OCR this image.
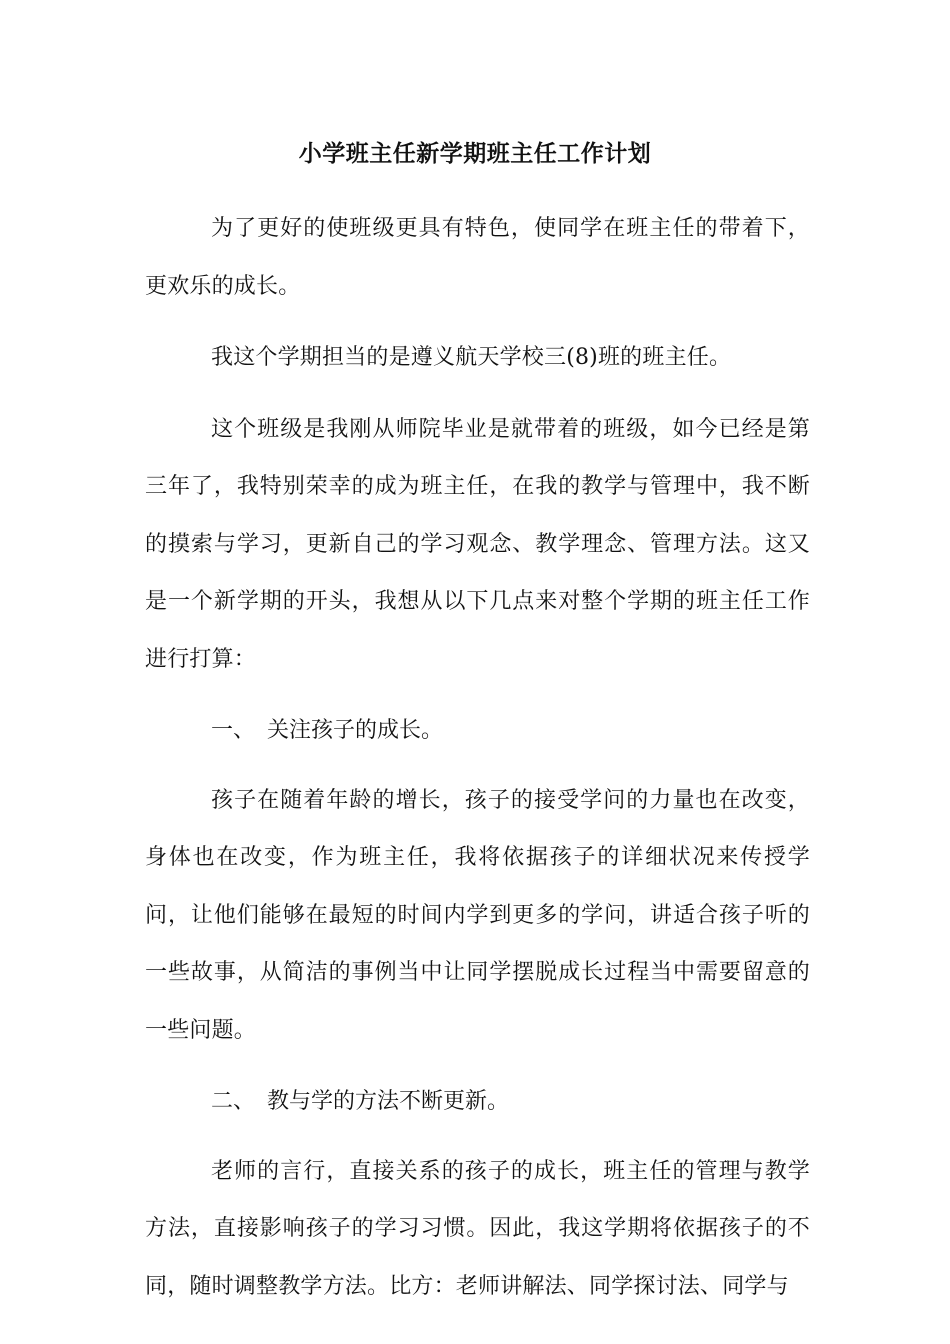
小学班主任新学期班主任工作计划

为了更好的使班级更具有特色，使同学在班主任的带着下，更欢乐的成长。

我这个学期担当的是遵义航天学校三(8)班的班主任。

这个班级是我刚从师院毕业是就带着的班级，如今已经是第三年了，我特别荣幸的成为班主任，在我的教学与管理中，我不断的摸索与学习，更新自己的学习观念、教学理念、管理方法。这又是一个新学期的开头，我想从以下几点来对整个学期的班主任工作进行打算：

一、 关注孩子的成长。

孩子在随着年龄的增长，孩子的接受学问的力量也在改变，身体也在改变，作为班主任，我将依据孩子的详细状况来传授学问，让他们能够在最短的时间内学到更多的学问，讲适合孩子听的一些故事，从简洁的事例当中让同学摆脱成长过程当中需要留意的一些问题。

二、 教与学的方法不断更新。

老师的言行，直接关系的孩子的成长，班主任的管理与教学方法，直接影响孩子的学习习惯。因此，我这学期将依据孩子的不同，随时调整教学方法。比方：老师讲解法、同学探讨法、同学与
